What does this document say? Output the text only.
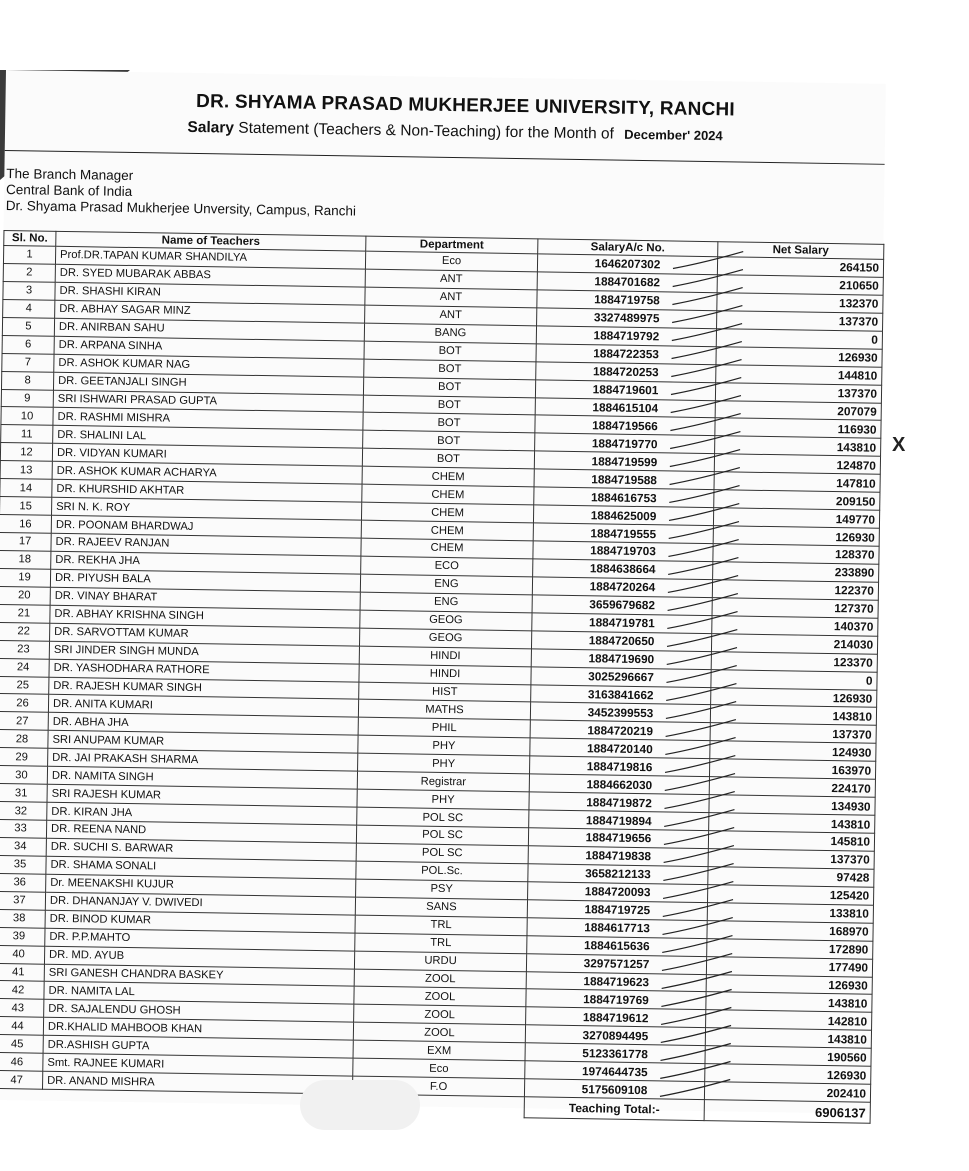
DR. SHYAMA PRASAD MUKHERJEE UNIVERSITY, RANCHI
Salary Statement (Teachers & Non-Teaching) for the Month of December' 2024
The Branch Manager
Central Bank of India
Dr. Shyama Prasad Mukherjee Unversity, Campus, Ranchi
Sl. No.	Name of Teachers	Department	SalaryA/c No.	Net Salary
1	Prof.DR.TAPAN KUMAR SHANDILYA	Eco	1646207302	264150
2	DR. SYED MUBARAK ABBAS	ANT	1884701682	210650
3	DR. SHASHI KIRAN	ANT	1884719758	132370
4	DR. ABHAY SAGAR MINZ	ANT	3327489975	137370
5	DR. ANIRBAN SAHU	BANG	1884719792	0
6	DR. ARPANA SINHA	BOT	1884722353	126930
7	DR. ASHOK KUMAR NAG	BOT	1884720253	144810
8	DR. GEETANJALI SINGH	BOT	1884719601	137370
9	SRI ISHWARI PRASAD GUPTA	BOT	1884615104	207079
10	DR. RASHMI MISHRA	BOT	1884719566	116930
11	DR. SHALINI LAL	BOT	1884719770	143810
12	DR. VIDYAN KUMARI	BOT	1884719599	124870
13	DR. ASHOK KUMAR ACHARYA	CHEM	1884719588	147810
14	DR. KHURSHID AKHTAR	CHEM	1884616753	209150
15	SRI N. K. ROY	CHEM	1884625009	149770
16	DR. POONAM BHARDWAJ	CHEM	1884719555	126930
17	DR. RAJEEV RANJAN	CHEM	1884719703	128370
18	DR. REKHA JHA	ECO	1884638664	233890
19	DR. PIYUSH BALA	ENG	1884720264	122370
20	DR. VINAY BHARAT	ENG	3659679682	127370
21	DR. ABHAY KRISHNA SINGH	GEOG	1884719781	140370
22	DR. SARVOTTAM KUMAR	GEOG	1884720650	214030
23	SRI JINDER SINGH MUNDA	HINDI	1884719690	123370
24	DR. YASHODHARA RATHORE	HINDI	3025296667	0
25	DR. RAJESH KUMAR SINGH	HIST	3163841662	126930
26	DR. ANITA KUMARI	MATHS	3452399553	143810
27	DR. ABHA JHA	PHIL	1884720219	137370
28	SRI ANUPAM KUMAR	PHY	1884720140	124930
29	DR. JAI PRAKASH SHARMA	PHY	1884719816	163970
30	DR. NAMITA SINGH	Registrar	1884662030	224170
31	SRI RAJESH KUMAR	PHY	1884719872	134930
32	DR. KIRAN JHA	POL SC	1884719894	143810
33	DR. REENA NAND	POL SC	1884719656	145810
34	DR. SUCHI S. BARWAR	POL SC	1884719838	137370
35	DR. SHAMA SONALI	POL.Sc.	3658212133	97428
36	Dr. MEENAKSHI KUJUR	PSY	1884720093	125420
37	DR. DHANANJAY V. DWIVEDI	SANS	1884719725	133810
38	DR. BINOD KUMAR	TRL	1884617713	168970
39	DR. P.P.MAHTO	TRL	1884615636	172890
40	DR. MD. AYUB	URDU	3297571257	177490
41	SRI GANESH CHANDRA BASKEY	ZOOL	1884719623	126930
42	DR. NAMITA LAL	ZOOL	1884719769	143810
43	DR. SAJALENDU GHOSH	ZOOL	1884719612	142810
44	DR.KHALID MAHBOOB KHAN	ZOOL	3270894495	143810
45	DR.ASHISH GUPTA	EXM	5123361778	190560
46	Smt. RAJNEE KUMARI	Eco	1974644735	126930
47	DR. ANAND MISHRA	F.O	5175609108	202410
			Teaching Total:-	6906137
X
